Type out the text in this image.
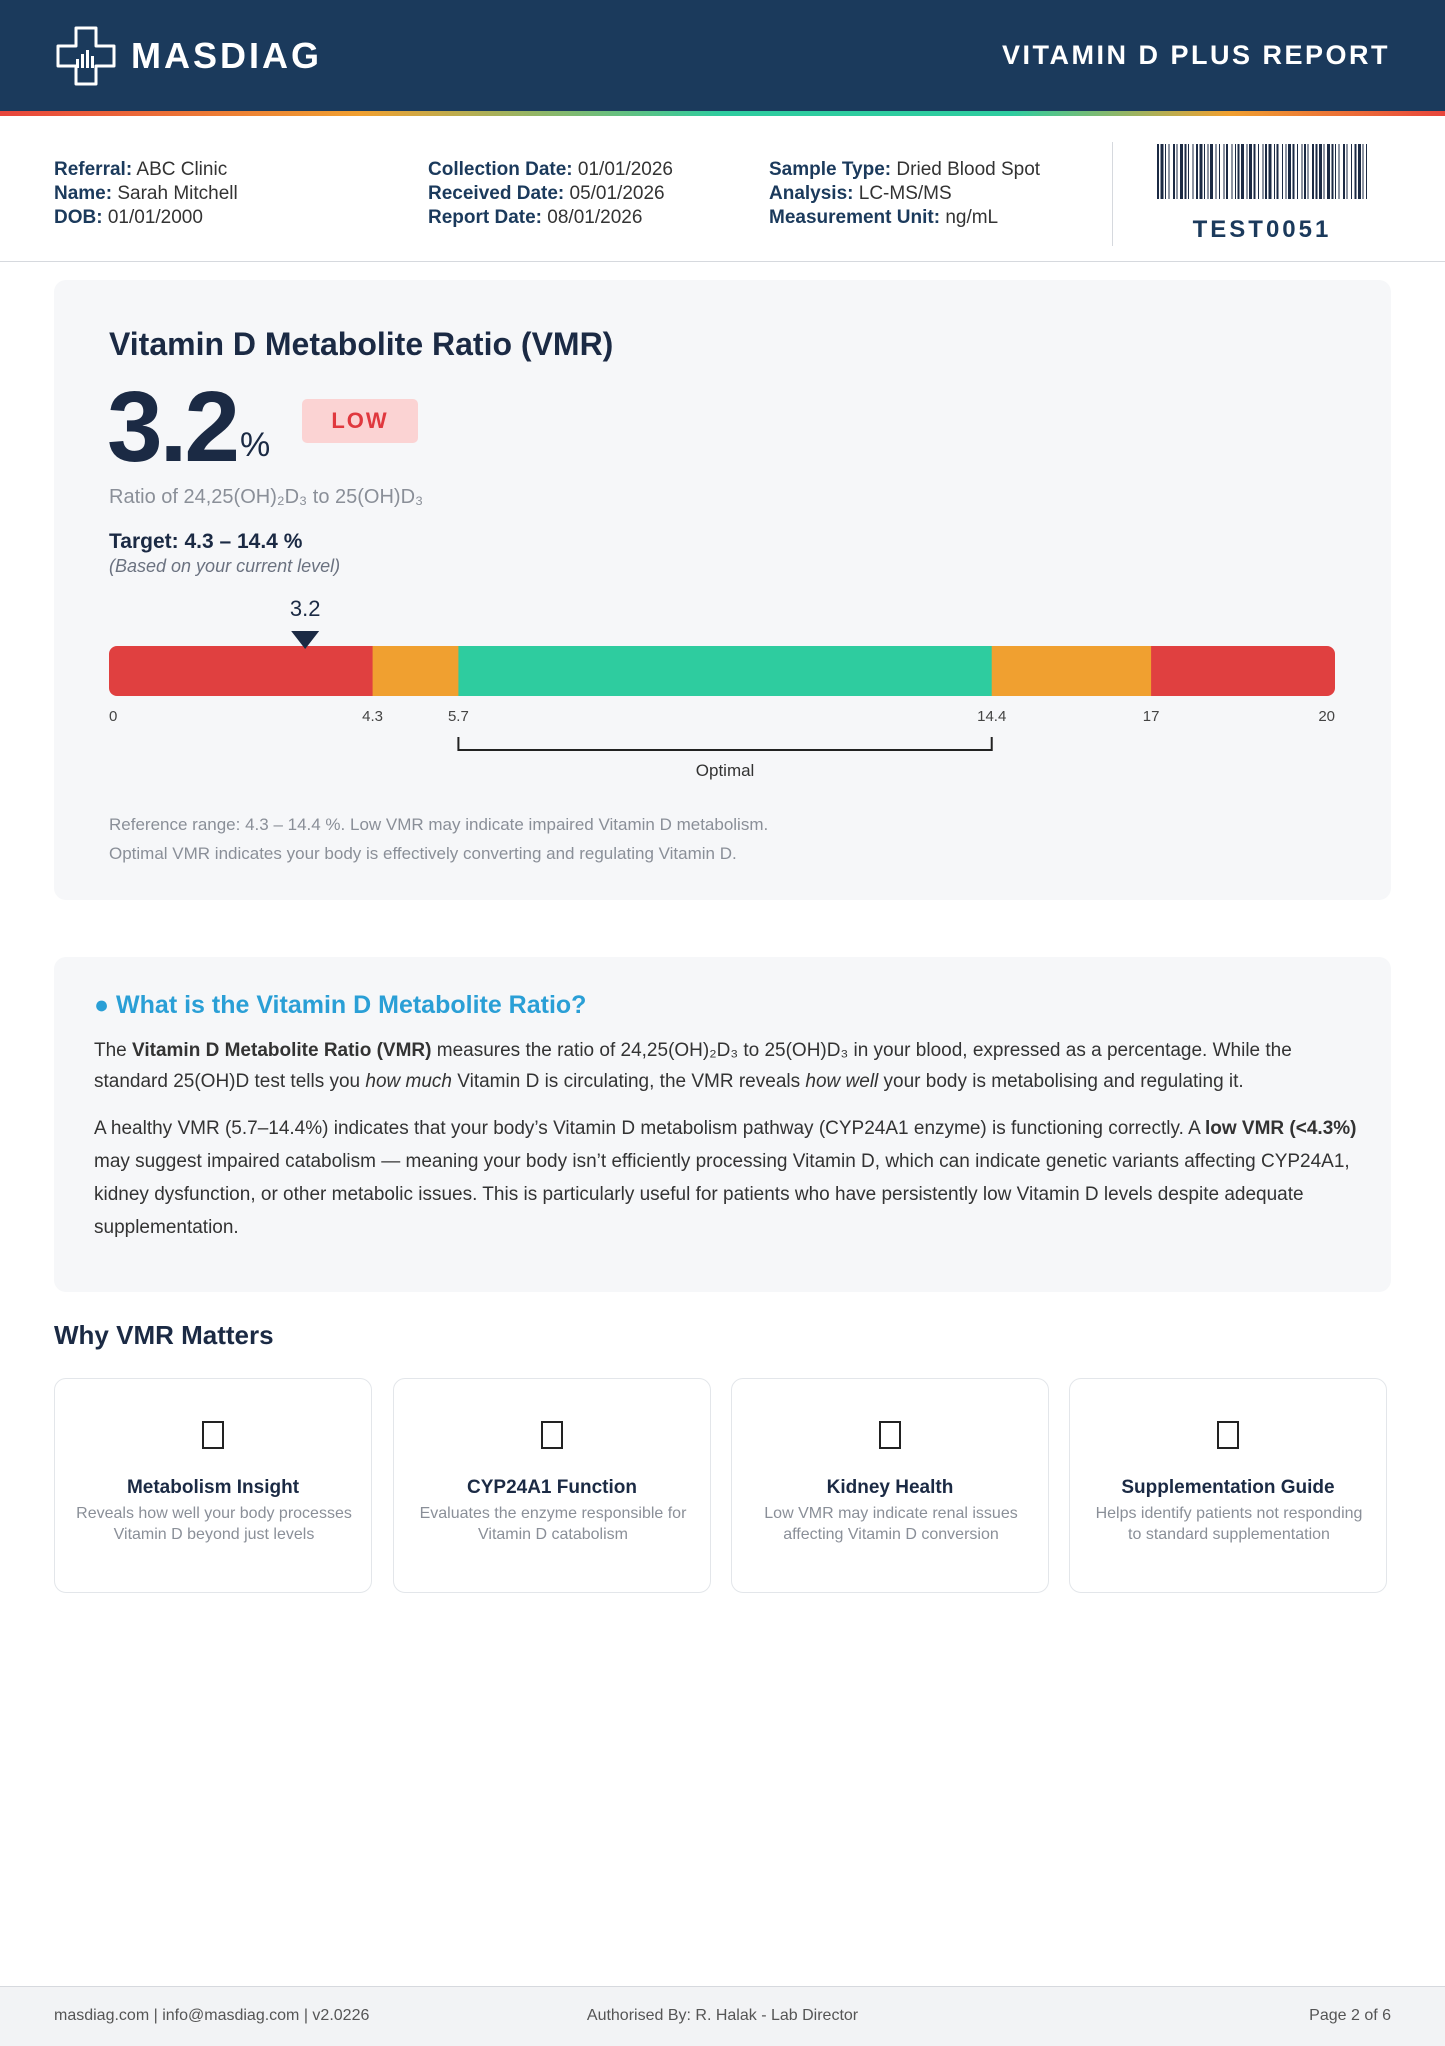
MASDIAG	VITAMIN D PLUS REPORT
Referral: ABC Clinic
Name: Sarah Mitchell
DOB: 01/01/2000
Collection Date: 01/01/2026
Received Date: 05/01/2026
Report Date: 08/01/2026
Sample Type: Dried Blood Spot
Analysis: LC-MS/MS
Measurement Unit: ng/mL	TEST0051
Vitamin D Metabolite Ratio (VMR)
3.2 %
LOW
Ratio of 24,25(OH)₂D₃ to 25(OH)D₃
Target: 4.3 – 14.4 %
(Based on your current level)
0	4.3	5.7	14.4	17	20
3.2
Optimal
Reference range: 4.3 – 14.4 %. Low VMR may indicate impaired Vitamin D metabolism.
Optimal VMR indicates your body is effectively converting and regulating Vitamin D.
● What is the Vitamin D Metabolite Ratio?
The Vitamin D Metabolite Ratio (VMR) measures the ratio of 24,25(OH)₂D₃ to 25(OH)D₃ in your blood, expressed as a percentage. While the standard 25(OH)D test tells you how much Vitamin D is circulating, the VMR reveals how well your body is metabolising and regulating it.
A healthy VMR (5.7–14.4%) indicates that your body’s Vitamin D metabolism pathway (CYP24A1 enzyme) is functioning correctly. A low VMR (<4.3%) may suggest impaired catabolism — meaning your body isn’t efficiently processing Vitamin D, which can indicate genetic variants affecting CYP24A1, kidney dysfunction, or other metabolic issues. This is particularly useful for patients who have persistently low Vitamin D levels despite adequate supplementation.
Why VMR Matters
Metabolism Insight
Reveals how well your body processes Vitamin D beyond just levels
CYP24A1 Function
Evaluates the enzyme responsible for Vitamin D catabolism
Kidney Health
Low VMR may indicate renal issues affecting Vitamin D conversion
Supplementation Guide
Helps identify patients not responding to standard supplementation
masdiag.com | info@masdiag.com | v2.0226	Authorised By: R. Halak - Lab Director	Page 2 of 6
